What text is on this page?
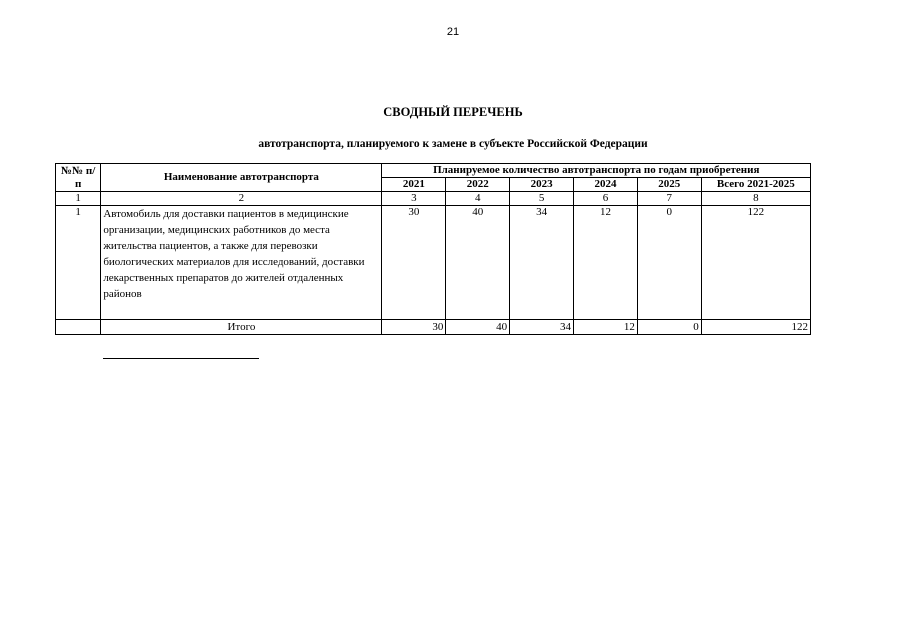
21
СВОДНЫЙ ПЕРЕЧЕНЬ
автотранспорта, планируемого к замене в субъекте Российской Федерации
№№ п/п	Наименование автотранспорта	Планируемое количество автотранспорта по годам приобретения					
		2021	2022	2023	2024	2025	Всего 2021-2025
1	2	3	4	5	6	7	8
1	Автомобиль для доставки пациентов в медицинские организации, медицинских работников до места жительства пациентов, а также для перевозки биологических материалов для исследований, доставки лекарственных препаратов до жителей отдаленных районов	30	40	34	12	0	122
	Итого	30	40	34	12	0	122
